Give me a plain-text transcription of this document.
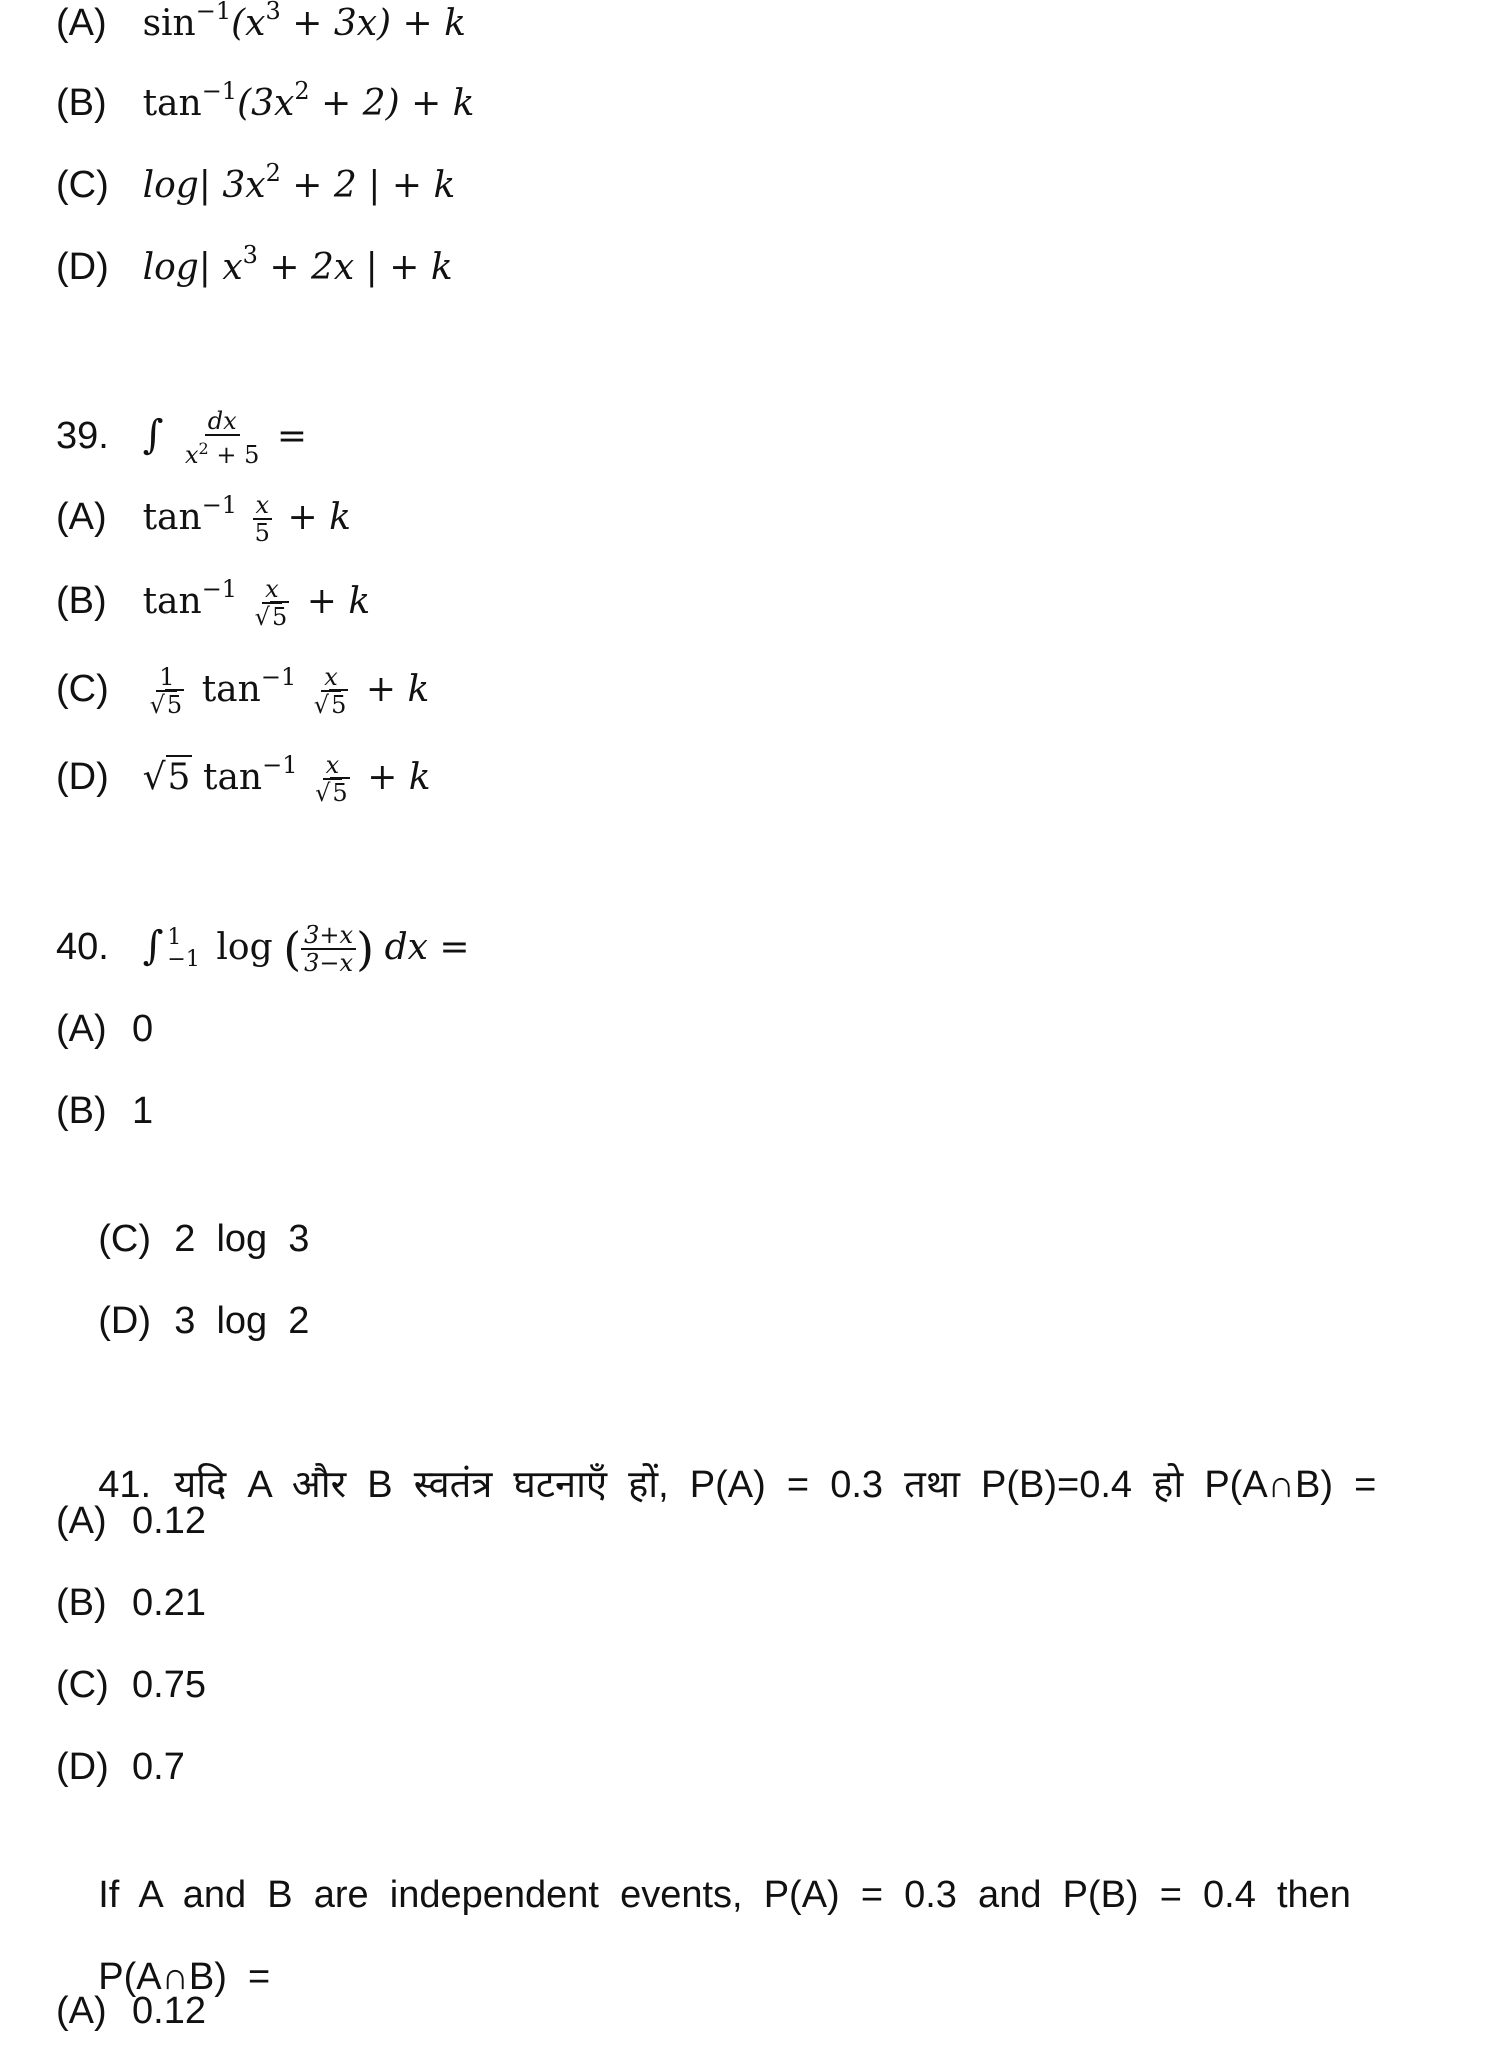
(A) $\sin^{-1}(x^3 + 3x) + k$
(B) $\tan^{-1}(3x^2 + 2) + k$
(C) log| $3x^2 + 2$ | + k
(D) log| $x^3 + 2x$ | + k
39. ∫ $\frac{dx}{x^2 + 5}$ =
(A) $\tan^{-1} \frac{x}{5} + k$
(B) $\tan^{-1} \frac{x}{√5} + k$
$(C) \frac{1}{√5} \tan^{-1} \frac{x}{√5} + k$
(D) √5 $\tan^{-1} \frac{x}{√5} + k$
40. ∫ 1
−1 log ( $\frac{3+x}{3-x}$ ) dx =
(A) 0
(B) 1

(C) 2  log  3

(D) 3  log  2

41. यदि  A  और  B  स्वतंत्र  घटनाएँ  हों,  P(A)  =  0.3  तथा  P(B)=0.4  हो  P(A∩B)  =

(A) 0.12
(B) 0.21
(C) 0.75
(D) 0.7

If  A  and  B  are  independent  events,  P(A)  =  0.3  and  P(B)  =  0.4  then

P(A∩B)  =

(A) 0.12
